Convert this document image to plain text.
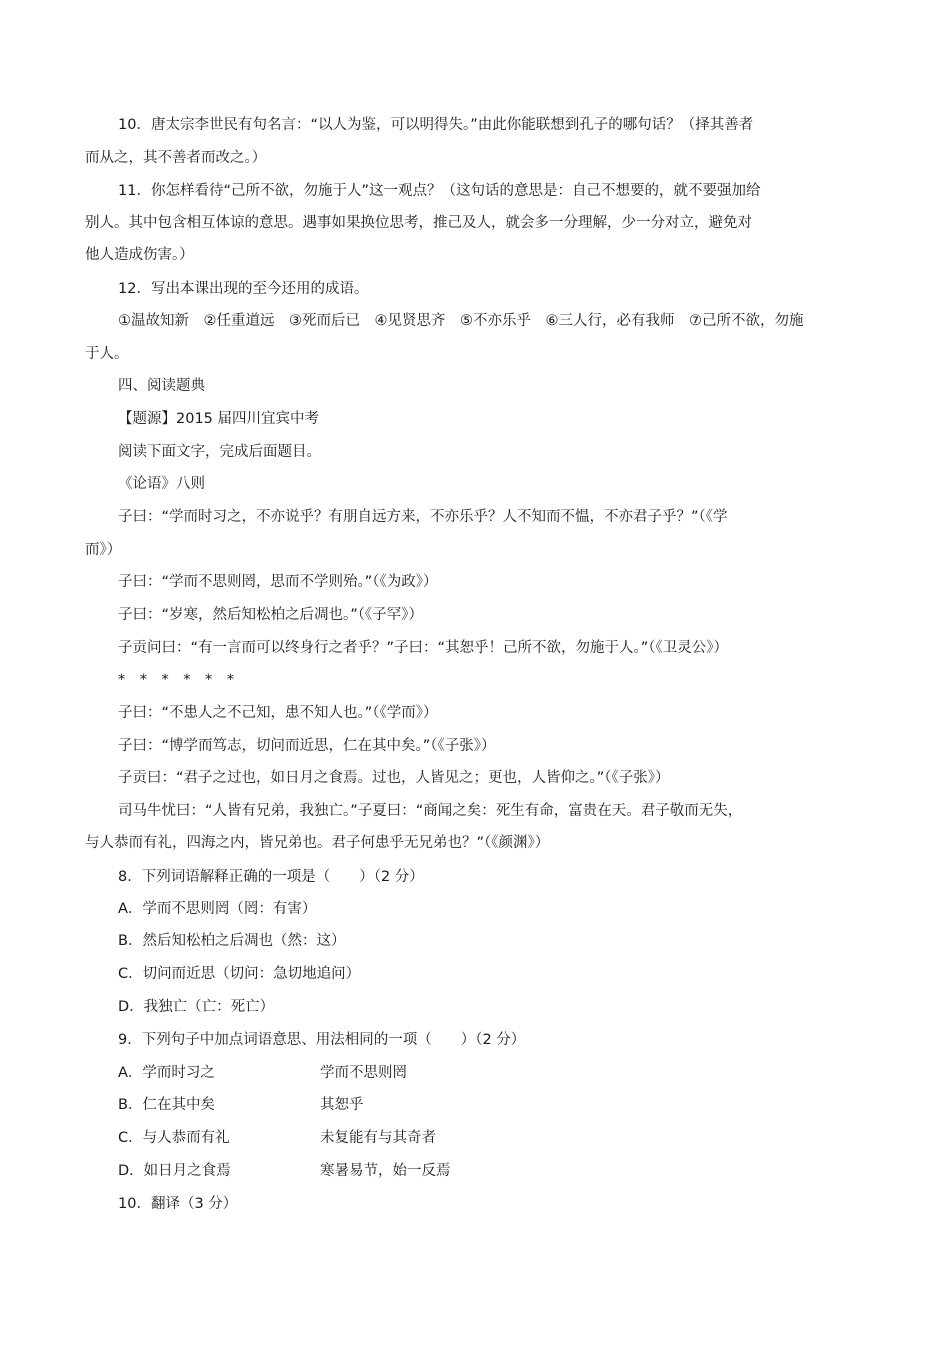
10．唐太宗李世民有句名言：“以人为鉴，可以明得失。”由此你能联想到孔子的哪句话？（择其善者
而从之，其不善者而改之。）
11．你怎样看待“己所不欲，勿施于人”这一观点？（这句话的意思是：自己不想要的，就不要强加给
别人。其中包含相互体谅的意思。遇事如果换位思考，推己及人，就会多一分理解，少一分对立，避免对
他人造成伤害。）
12．写出本课出现的至今还用的成语。
①温故知新　②任重道远　③死而后已　④见贤思齐　⑤不亦乐乎　⑥三人行，必有我师　⑦己所不欲，勿施
于人。
四、阅读题典
【题源】2015 届四川宜宾中考
阅读下面文字，完成后面题目。
《论语》八则
子曰：“学而时习之，不亦说乎？有朋自远方来，不亦乐乎？人不知而不愠，不亦君子乎？”（《学
而》）
子曰：“学而不思则罔，思而不学则殆。”（《为政》）
子曰：“岁寒，然后知松柏之后凋也。”（《子罕》）
子贡问曰：“有一言而可以终身行之者乎？”子曰：“其恕乎！己所不欲，勿施于人。”（《卫灵公》）
*　*　*　*　*　*
子曰：“不患人之不己知，患不知人也。”（《学而》）
子曰：“博学而笃志，切问而近思，仁在其中矣。”（《子张》）
子贡曰：“君子之过也，如日月之食焉。过也，人皆见之；更也，人皆仰之。”（《子张》）
司马牛忧曰：“人皆有兄弟，我独亡。”子夏曰：“商闻之矣：死生有命，富贵在天。君子敬而无失，
与人恭而有礼，四海之内，皆兄弟也。君子何患乎无兄弟也？”（《颜渊》）
8．下列词语解释正确的一项是（　　）（2 分）
A．学而不思则罔（罔：有害）
B．然后知松柏之后凋也（然：这）
C．切问而近思（切问：急切地追问）
D．我独亡（亡：死亡）
9．下列句子中加点词语意思、用法相同的一项（　　）（2 分）
A．学而时习之	学而不思则罔
B．仁在其中矣	其恕乎
C．与人恭而有礼	未复能有与其奇者
D．如日月之食焉	寒暑易节，始一反焉
10．翻译（3 分）
